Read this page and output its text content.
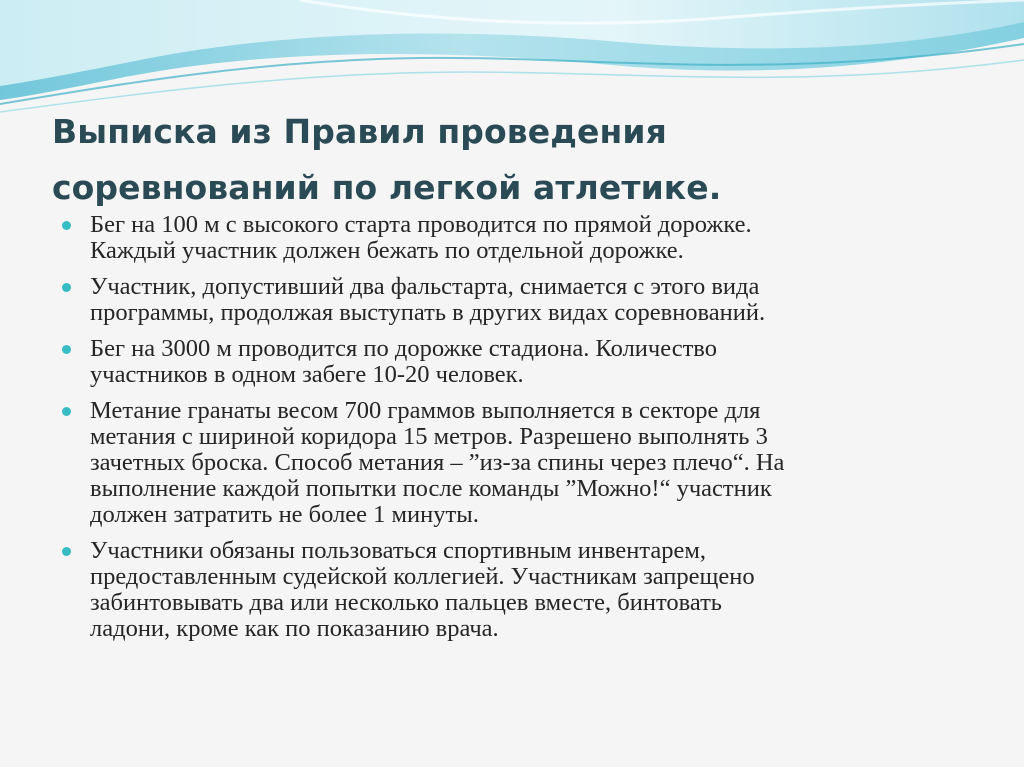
Выписка из Правил проведения
соревнований по легкой атлетике.
Бег на 100 м с высокого старта проводится по прямой дорожке.
Каждый участник должен бежать по отдельной дорожке.
Участник, допустивший два фальстарта, снимается с этого вида
программы, продолжая выступать в других видах соревнований.
Бег на 3000 м проводится по дорожке стадиона. Количество
участников в одном забеге 10-20 человек.
Метание гранаты весом 700 граммов выполняется в секторе для
метания с шириной коридора 15 метров. Разрешено выполнять 3
зачетных броска. Способ метания – ”из-за спины через плечо“. На
выполнение каждой попытки после команды ”Можно!“ участник
должен затратить не более 1 минуты.
Участники обязаны пользоваться спортивным инвентарем,
предоставленным судейской коллегией. Участникам запрещено
забинтовывать два или несколько пальцев вместе, бинтовать
ладони, кроме как по показанию врача.
